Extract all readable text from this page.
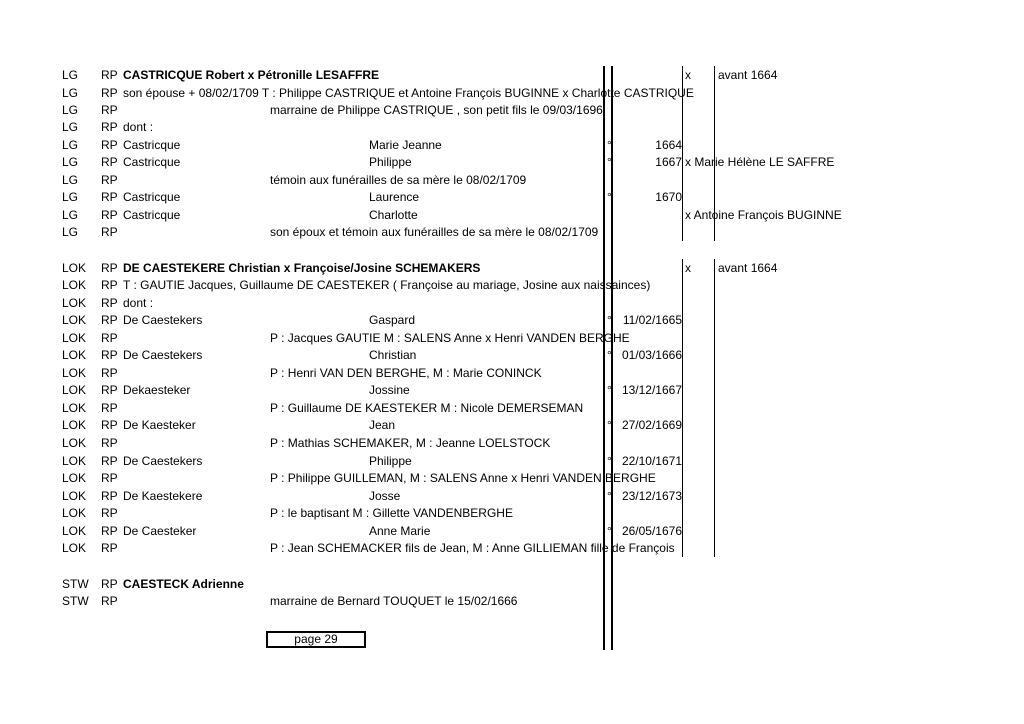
LG RP CASTRICQUE Robert x Pétronille LESAFFRE	x avant 1664
LG RP son épouse + 08/02/1709 T : Philippe CASTRIQUE et Antoine François BUGINNE x Charlotte CASTRIQUE
LG RP	marraine de Philippe CASTRIQUE , son petit fils le 09/03/1696
LG RP dont :
LG RP Castricque	Marie Jeanne	°	1664
LG RP Castricque	Philippe	°	1667 x Marie Hélène LE SAFFRE
LG RP	témoin aux funérailles de sa mère le 08/02/1709
LG RP Castricque	Laurence	°	1670
LG RP Castricque	Charlotte	x Antoine François BUGINNE
LG RP	son époux et témoin aux funérailles de sa mère le 08/02/1709
LOK RP DE CAESTEKERE Christian x Françoise/Josine SCHEMAKERS	x avant 1664
LOK RP T : GAUTIE Jacques, Guillaume DE CAESTEKER ( Françoise au mariage, Josine aux naissainces)
LOK RP dont :
LOK RP De Caestekers	Gaspard	° 11/02/1665
LOK RP	P : Jacques GAUTIE M : SALENS Anne x Henri VANDEN BERGHE
LOK RP De Caestekers	Christian	° 01/03/1666
LOK RP	P : Henri VAN DEN BERGHE, M : Marie CONINCK
LOK RP Dekaesteker	Jossine	° 13/12/1667
LOK RP	P : Guillaume DE KAESTEKER M : Nicole DEMERSEMAN
LOK RP De Kaesteker	Jean	° 27/02/1669
LOK RP	P : Mathias SCHEMAKER, M : Jeanne LOELSTOCK
LOK RP De Caestekers	Philippe	° 22/10/1671
LOK RP	P : Philippe GUILLEMAN, M : SALENS Anne x Henri VANDEN BERGHE
LOK RP De Kaestekere	Josse	° 23/12/1673
LOK RP	P : le baptisant M : Gillette VANDENBERGHE
LOK RP De Caesteker	Anne Marie	° 26/05/1676
LOK RP	P : Jean SCHEMACKER fils de Jean, M : Anne GILLIEMAN fille de François
STW RP CAESTECK Adrienne
STW RP	marraine de Bernard TOUQUET le 15/02/1666
page 29
